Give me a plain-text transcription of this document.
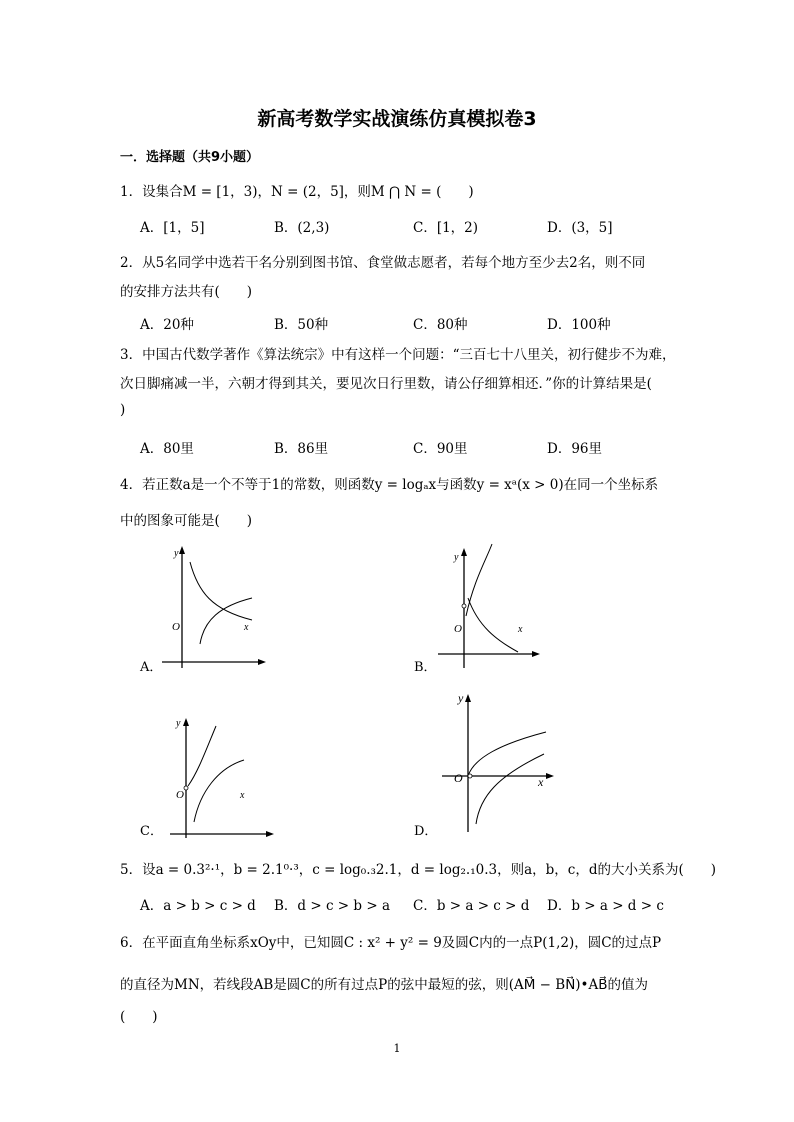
新高考数学实战演练仿真模拟卷3
一．选择题（共9小题）
1．设集合M = [1，3)，N = (2，5]，则M ⋂ N = (　　)
A．[1，5]	B．(2,3)	C．[1，2)	D．(3，5]
2．从5名同学中选若干名分别到图书馆、食堂做志愿者，若每个地方至少去2名，则不同
的安排方法共有(　　)
A．20种	B．50种	C．80种	D．100种
3．中国古代数学著作《算法统宗》中有这样一个问题：“三百七十八里关，初行健步不为难，
次日脚痛减一半，六朝才得到其关，要见次日行里数，请公仔细算相还．”你的计算结果是(
)
A．80里	B．86里	C．90里	D．96里
4．若正数a是一个不等于1的常数，则函数y = logₐx与函数y = xᵃ(x > 0)在同一个坐标系
中的图象可能是(　　)
A．
y
O	x
B．
y
O	x
C．
y
O	x
D．
y
O	x
5．设a = 0.3²·¹，b = 2.1⁰·³，c = log₀.₃2.1，d = log₂.₁0.3，则a，b，c，d的大小关系为(　　)
A．a > b > c > d B．d > c > b > a C．b > a > c > d D．b > a > d > c
6．在平面直角坐标系xOy中，已知圆C : x² + y² = 9及圆C内的一点P(1,2)，圆C的过点P
的直径为MN，若线段AB是圆C的所有过点P的弦中最短的弦，则(AM⃗ − BN⃗)•AB⃗的值为
(　　)
1
